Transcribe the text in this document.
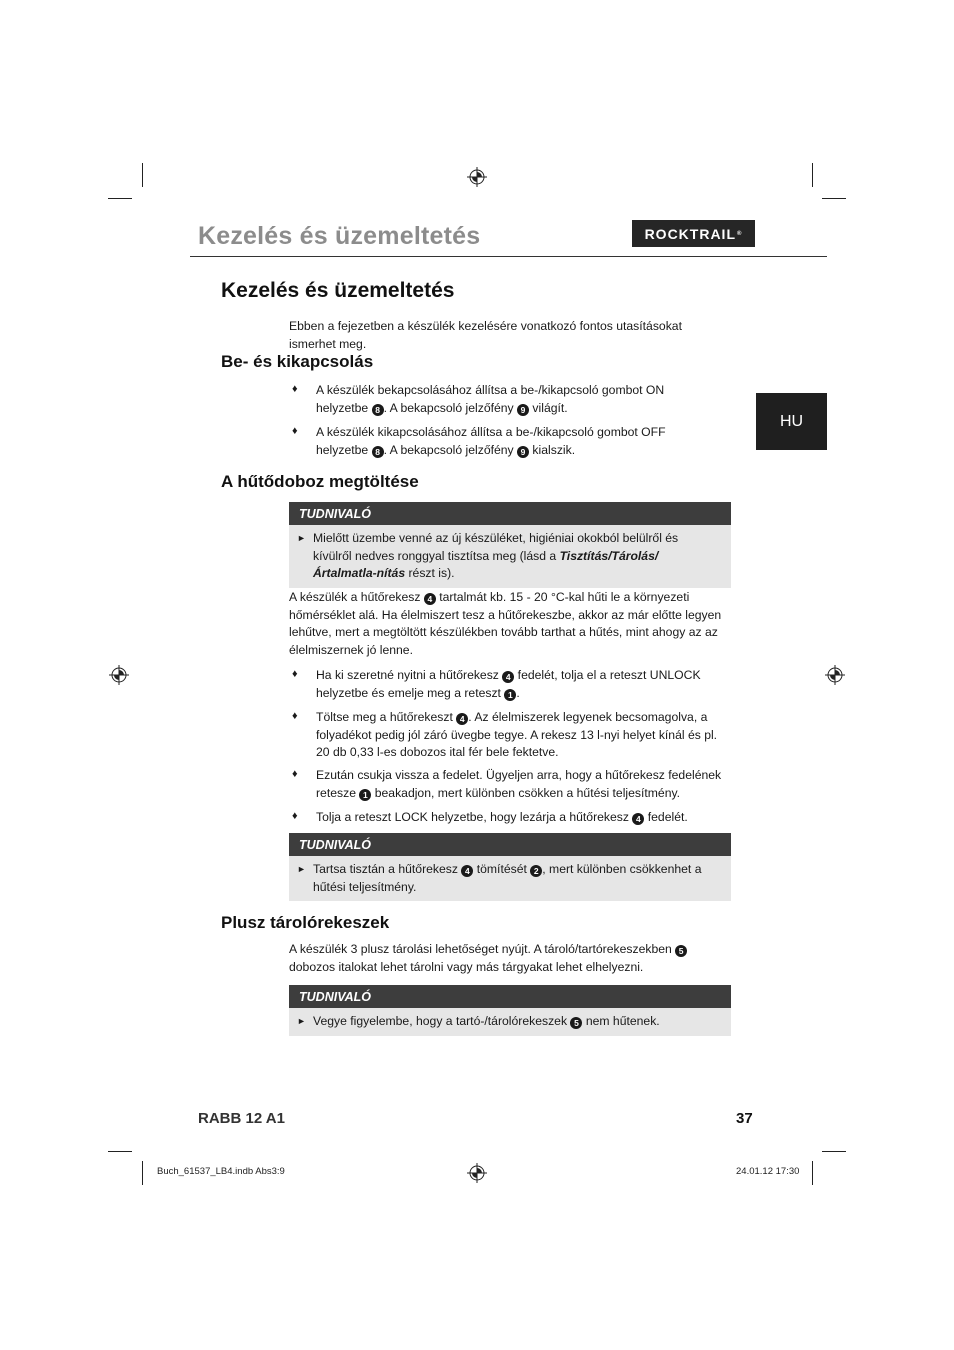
Kezelés és üzemeltetés	ROCKTRAIL ®
HU
Kezelés és üzemeltetés

Ebben a fejezetben a készülék kezelésére vonatkozó fontos utasításokat ismerhet meg.

Be- és kikapcsolás
♦ A készülék bekapcsolásához állítsa a be-/kikapcsoló gombot ON
helyzetbe 8 . A bekapcsoló jelzőfény 9 világít.

♦ A készülék kikapcsolásához állítsa a be-/kikapcsoló gombot OFF
helyzetbe 8 . A bekapcsoló jelzőfény 9 kialszik.

A hűtődoboz megtöltése
TUDNIVALÓ
► Mielőtt üzembe venné az új készüléket, higiéniai okokból belülről és kívülről nedves ronggyal tisztítsa meg (lásd a Tisztítás/Tárolás/Ártalmatla-nítás részt is).

A készülék a hűtőrekesz 4 tartalmát kb. 15 - 20 °C-kal hűti le a környezeti hőmérséklet alá. Ha élelmiszert tesz a hűtőrekeszbe, akkor az már előtte legyen lehűtve, mert a megtöltött készülékben tovább tarthat a hűtés, mint ahogy az az élelmiszernek jó lenne.

♦ Ha ki szeretné nyitni a hűtőrekesz 4 fedelét, tolja el a reteszt UNLOCK helyzetbe és emelje meg a reteszt 1 .

♦ Töltse meg a hűtőrekeszt 4 . Az élelmiszerek legyenek becsomagolva, a folyadékot pedig jól záró üvegbe tegye. A rekesz 13 l-nyi helyet kínál és pl. 20 db 0,33 l-es dobozos ital fér bele fektetve.

♦ Ezután csukja vissza a fedelet. Ügyeljen arra, hogy a hűtőrekesz fedelének retesze 1 beakadjon, mert különben csökken a hűtési teljesítmény.

♦ Tolja a reteszt LOCK helyzetbe, hogy lezárja a hűtőrekesz 4 fedelét.

TUDNIVALÓ
► Tartsa tisztán a hűtőrekesz 4 tömítését 2 , mert különben csökkenhet a hűtési teljesítmény.
Plusz tárolórekeszek

A készülék 3 plusz tárolási lehetőséget nyújt. A tároló/tartórekeszekben 5 dobozos italokat lehet tárolni vagy más tárgyakat lehet elhelyezni.

TUDNIVALÓ
► Vegye figyelembe, hogy a tartó-/tárolórekeszek 5 nem hűtenek.
RABB 12 A1	37
Buch_61537_LB4.indb Abs3:9	24.01.12 17:30
